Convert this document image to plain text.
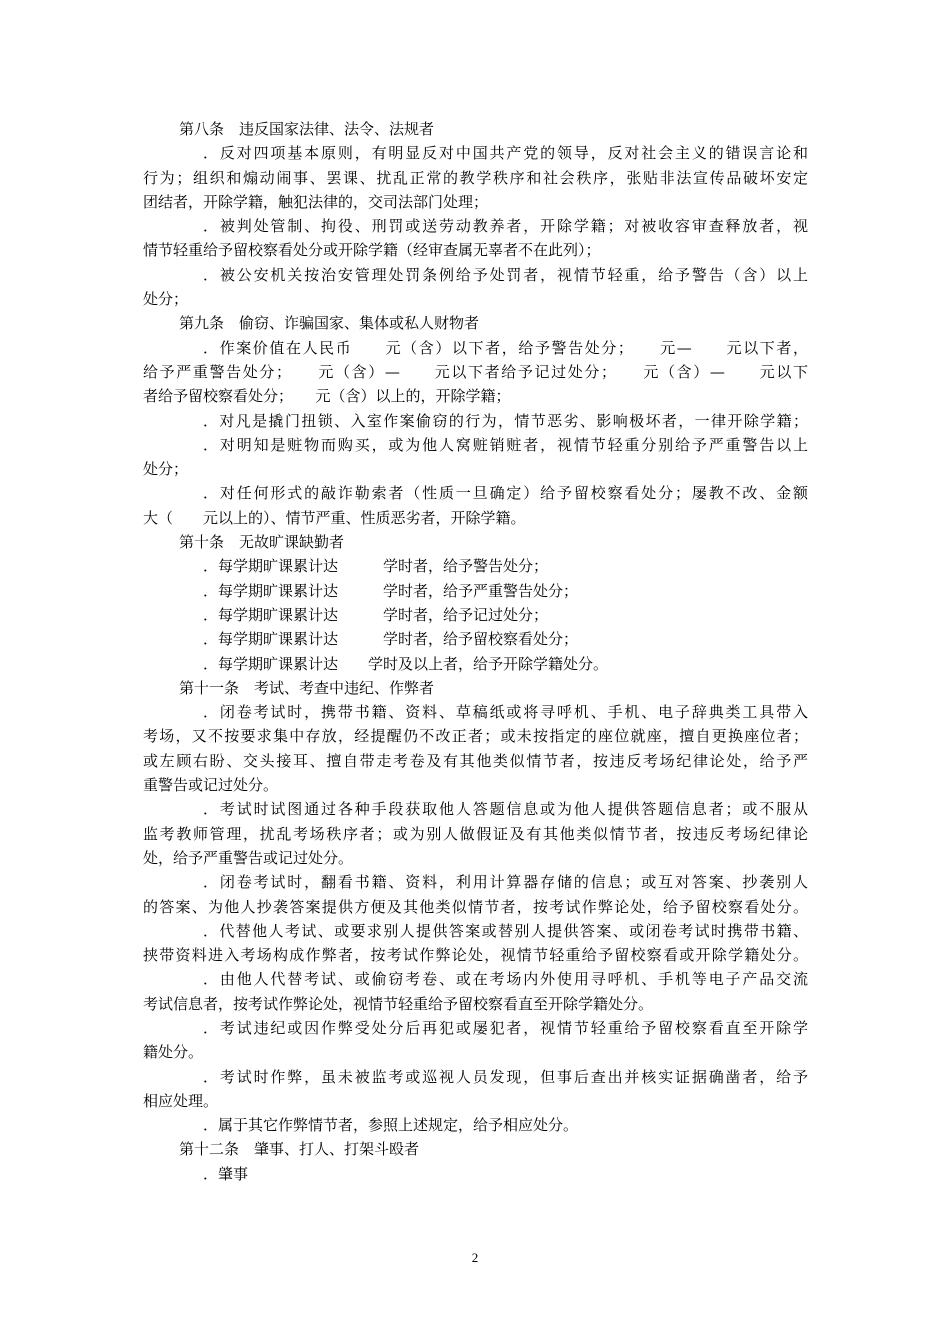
第八条　违反国家法律、法令、法规者
．反对四项基本原则，有明显反对中国共产党的领导，反对社会主义的错误言论和
行为；组织和煽动闹事、罢课、扰乱正常的教学秩序和社会秩序，张贴非法宣传品破坏安定
团结者，开除学籍，触犯法律的，交司法部门处理；
．被判处管制、拘役、刑罚或送劳动教养者，开除学籍；对被收容审查释放者，视
情节轻重给予留校察看处分或开除学籍（经审查属无辜者不在此列）；
．被公安机关按治安管理处罚条例给予处罚者，视情节轻重，给予警告（含）以上
处分；
第九条　偷窃、诈骗国家、集体或私人财物者
．作案价值在人民币　　元（含）以下者，给予警告处分；　　元—　　元以下者，
给予严重警告处分；　　元（含）—　　元以下者给予记过处分；　　元（含）—　　元以下
者给予留校察看处分；　　元（含）以上的，开除学籍；
．对凡是撬门扭锁、入室作案偷窃的行为，情节恶劣、影响极坏者，一律开除学籍；
．对明知是赃物而购买，或为他人窝赃销赃者，视情节轻重分别给予严重警告以上
处分；
．对任何形式的敲诈勒索者（性质一旦确定）给予留校察看处分；屡教不改、金额
大（　　元以上的）、情节严重、性质恶劣者，开除学籍。
第十条　无故旷课缺勤者
．每学期旷课累计达　　　学时者，给予警告处分；
．每学期旷课累计达　　　学时者，给予严重警告处分；
．每学期旷课累计达　　　学时者，给予记过处分；
．每学期旷课累计达　　　学时者，给予留校察看处分；
．每学期旷课累计达　　学时及以上者，给予开除学籍处分。
第十一条　考试、考查中违纪、作弊者
．闭卷考试时，携带书籍、资料、草稿纸或将寻呼机、手机、电子辞典类工具带入
考场，又不按要求集中存放，经提醒仍不改正者；或未按指定的座位就座，擅自更换座位者；
或左顾右盼、交头接耳、擅自带走考卷及有其他类似情节者，按违反考场纪律论处，给予严
重警告或记过处分。
．考试时试图通过各种手段获取他人答题信息或为他人提供答题信息者；或不服从
监考教师管理，扰乱考场秩序者；或为别人做假证及有其他类似情节者，按违反考场纪律论
处，给予严重警告或记过处分。
．闭卷考试时，翻看书籍、资料，利用计算器存储的信息；或互对答案、抄袭别人
的答案、为他人抄袭答案提供方便及其他类似情节者，按考试作弊论处，给予留校察看处分。
．代替他人考试、或要求别人提供答案或替别人提供答案、或闭卷考试时携带书籍、
挟带资料进入考场构成作弊者，按考试作弊论处，视情节轻重给予留校察看或开除学籍处分。
．由他人代替考试、或偷窃考卷、或在考场内外使用寻呼机、手机等电子产品交流
考试信息者，按考试作弊论处，视情节轻重给予留校察看直至开除学籍处分。
．考试违纪或因作弊受处分后再犯或屡犯者，视情节轻重给予留校察看直至开除学
籍处分。
．考试时作弊，虽未被监考或巡视人员发现，但事后查出并核实证据确凿者，给予
相应处理。
．属于其它作弊情节者，参照上述规定，给予相应处分。
第十二条　肇事、打人、打架斗殴者
．肇事
2
